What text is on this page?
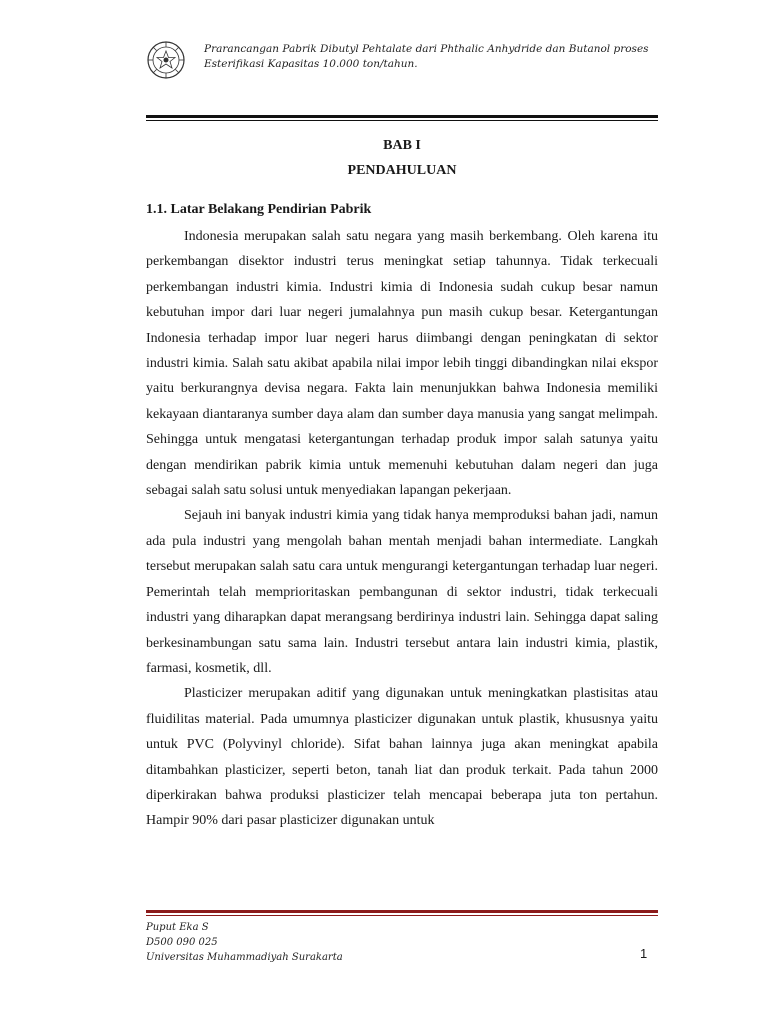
Prarancangan Pabrik Dibutyl Pehtalate dari Phthalic Anhydride dan Butanol proses
Esterifikasi Kapasitas 10.000 ton/tahun.
BAB I
PENDAHULUAN
1.1. Latar Belakang Pendirian Pabrik

Indonesia merupakan salah satu negara yang masih berkembang. Oleh karena itu perkembangan disektor industri terus meningkat setiap tahunnya. Tidak terkecuali perkembangan industri kimia. Industri kimia di Indonesia sudah cukup besar namun kebutuhan impor dari luar negeri jumalahnya pun masih cukup besar. Ketergantungan Indonesia terhadap impor luar negeri harus diimbangi dengan peningkatan di sektor industri kimia. Salah satu akibat apabila nilai impor lebih tinggi dibandingkan nilai ekspor yaitu berkurangnya devisa negara. Fakta lain menunjukkan bahwa Indonesia memiliki kekayaan diantaranya sumber daya alam dan sumber daya manusia yang sangat melimpah. Sehingga untuk mengatasi ketergantungan terhadap produk impor salah satunya yaitu dengan mendirikan pabrik kimia untuk memenuhi kebutuhan dalam negeri dan juga sebagai salah satu solusi untuk menyediakan lapangan pekerjaan.

Sejauh ini banyak industri kimia yang tidak hanya memproduksi bahan jadi, namun ada pula industri yang mengolah bahan mentah menjadi bahan intermediate. Langkah tersebut merupakan salah satu cara untuk mengurangi ketergantungan terhadap luar negeri. Pemerintah telah memprioritaskan pembangunan di sektor industri, tidak terkecuali industri yang diharapkan dapat merangsang berdirinya industri lain. Sehingga dapat saling berkesinambungan satu sama lain. Industri tersebut antara lain industri kimia, plastik, farmasi, kosmetik, dll.

Plasticizer merupakan aditif yang digunakan untuk meningkatkan plastisitas atau fluidilitas material. Pada umumnya plasticizer digunakan untuk plastik, khususnya yaitu untuk PVC (Polyvinyl chloride). Sifat bahan lainnya juga akan meningkat apabila ditambahkan plasticizer, seperti beton, tanah liat dan produk terkait. Pada tahun 2000 diperkirakan bahwa produksi plasticizer telah mencapai beberapa juta ton pertahun. Hampir 90% dari pasar plasticizer digunakan untuk

Puput Eka S
D500 090 025
Universitas Muhammadiyah Surakarta	1
